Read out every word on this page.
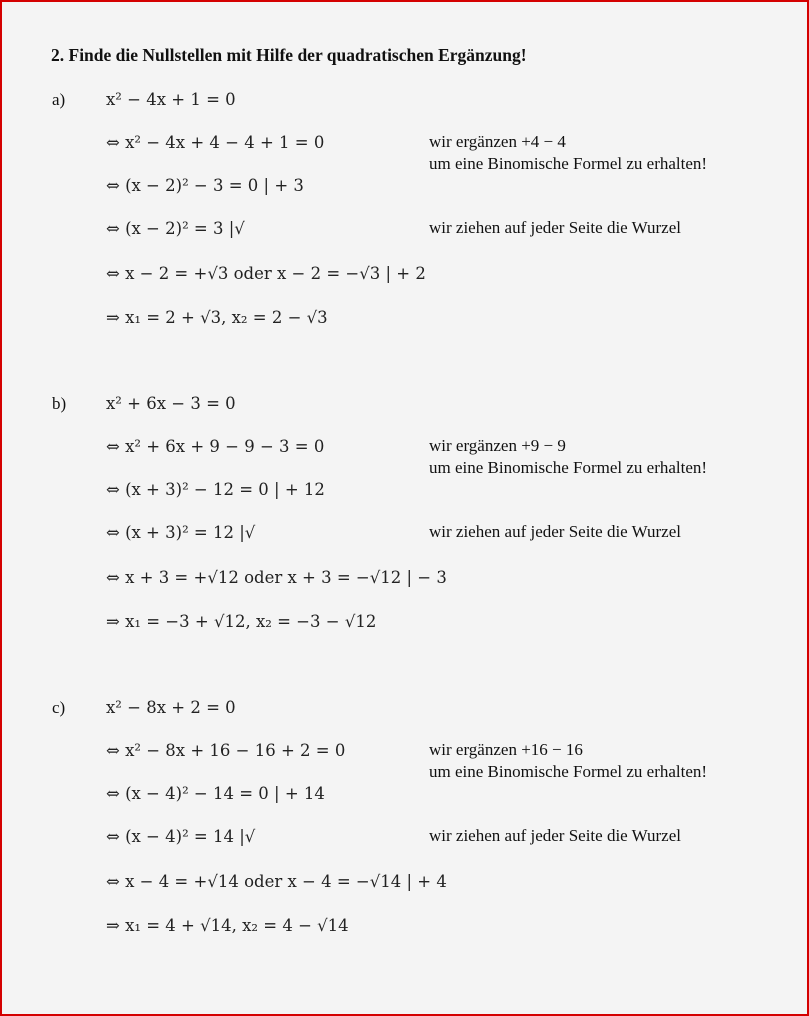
2. Finde die Nullstellen mit Hilfe der quadratischen Ergänzung!
a) x² − 4x + 1 = 0
⇔ x² − 4x + 4 − 4 + 1 = 0
⇔ (x − 2)² − 3 = 0 | + 3
⇔ (x − 2)² = 3 |√
⇔ x − 2 = +√3 oder x − 2 = −√3 | + 2
⇒ x₁ = 2 + √3, x₂ = 2 − √3
wir ergänzen +4 − 4
um eine Binomische Formel zu erhalten!
wir ziehen auf jeder Seite die Wurzel
b) x² + 6x − 3 = 0
⇔ x² + 6x + 9 − 9 − 3 = 0
⇔ (x + 3)² − 12 = 0 | + 12
⇔ (x + 3)² = 12 |√
⇔ x + 3 = +√12 oder x + 3 = −√12 | − 3
⇒ x₁ = −3 + √12, x₂ = −3 − √12
wir ergänzen +9 − 9
um eine Binomische Formel zu erhalten!
wir ziehen auf jeder Seite die Wurzel
c) x² − 8x + 2 = 0
⇔ x² − 8x + 16 − 16 + 2 = 0
⇔ (x − 4)² − 14 = 0 | + 14
⇔ (x − 4)² = 14 |√
⇔ x − 4 = +√14 oder x − 4 = −√14 | + 4
⇒ x₁ = 4 + √14, x₂ = 4 − √14
wir ergänzen +16 − 16
um eine Binomische Formel zu erhalten!
wir ziehen auf jeder Seite die Wurzel
